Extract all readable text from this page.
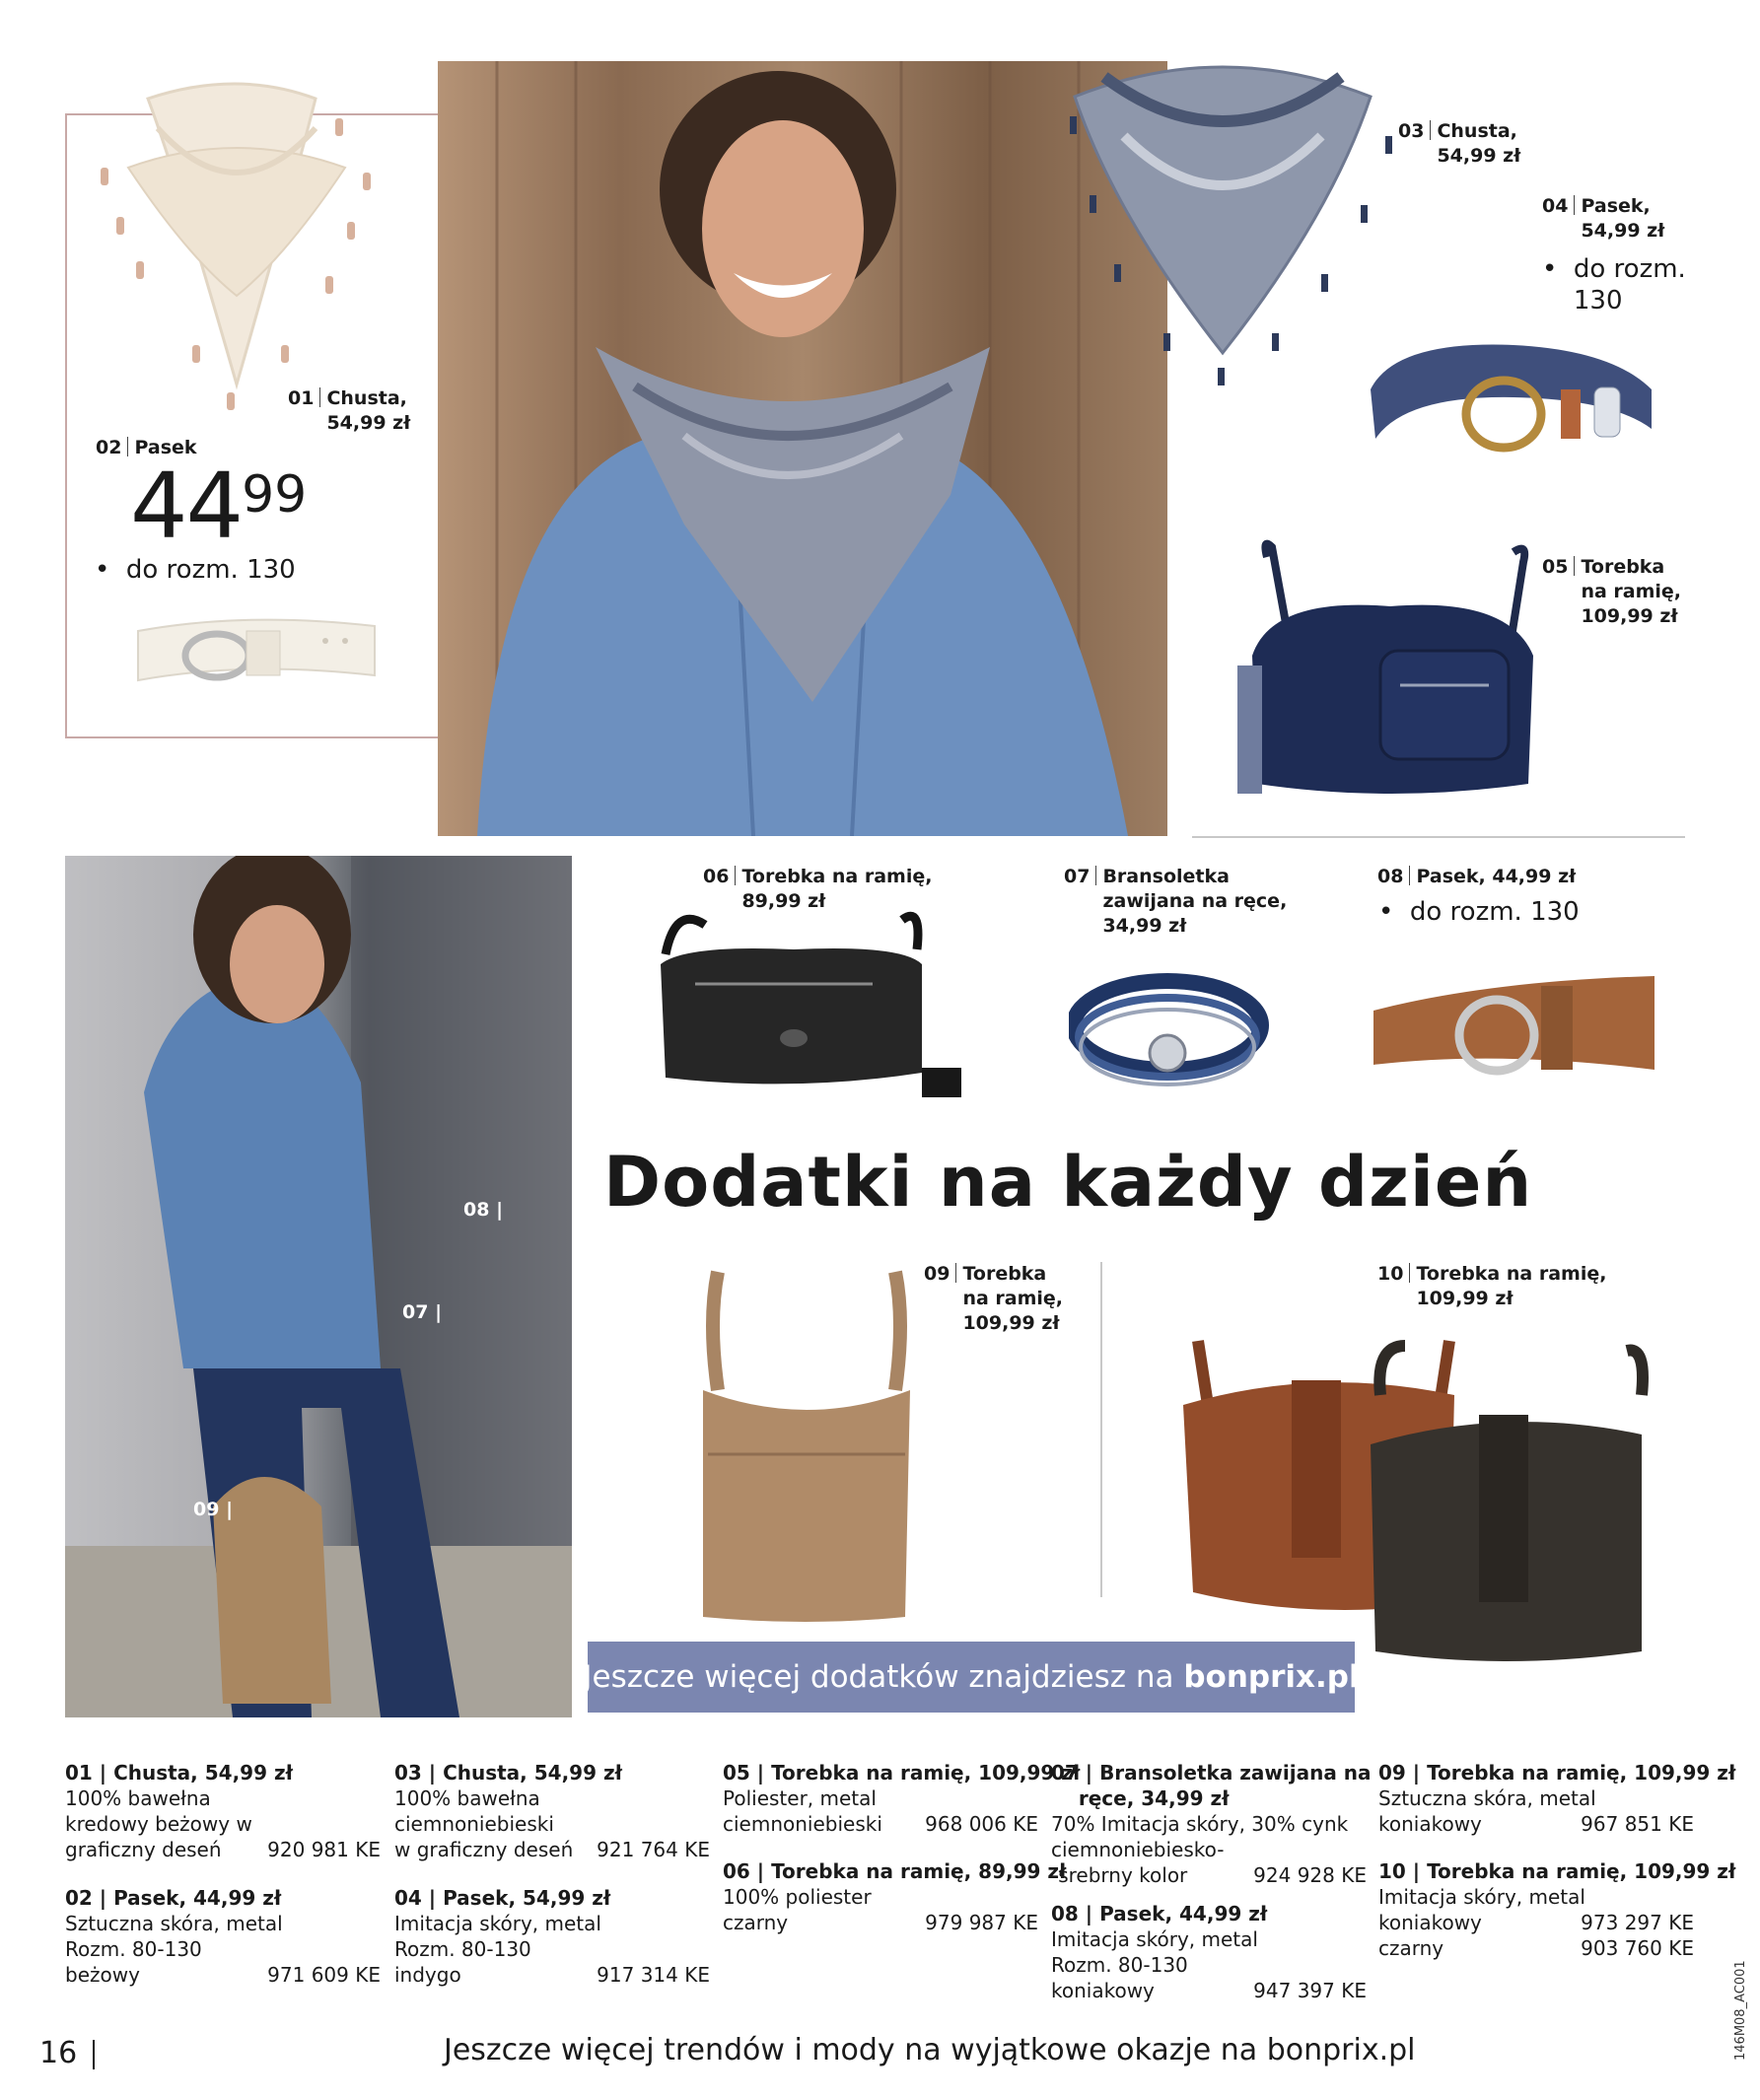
01 Chusta,
54,99 zł
02 Pasek
4499
•  do rozm. 130
03 Chusta,
54,99 zł
04 Pasek,
54,99 zł
• do rozm.
130
05 Torebka
na ramię,
109,99 zł
08 |
07 |
09 |
06 Torebka na ramię,
89,99 zł
07 Bransoletka
zawijana na ręce,
34,99 zł
08 Pasek, 44,99 zł
•  do rozm. 130
Dodatki na każdy dzień
09 Torebka
na ramię,
109,99 zł
10 Torebka na ramię,
109,99 zł
Jeszcze więcej dodatków znajdziesz na bonprix.pl
01 | Chusta, 54,99 zł
100% bawełna
kredowy beżowy w
graficzny deseń 920 981 KE
02 | Pasek, 44,99 zł
Sztuczna skóra, metal
Rozm. 80-130
beżowy	971 609 KE
03 | Chusta, 54,99 zł
100% bawełna
ciemnoniebieski
w graficzny deseń 921 764 KE
04 | Pasek, 54,99 zł
Imitacja skóry, metal
Rozm. 80-130
indygo	917 314 KE
05 | Torebka na ramię, 109,99 zł
Poliester, metal
ciemnoniebieski 968 006 KE
06 | Torebka na ramię, 89,99 zł
100% poliester
czarny	979 987 KE
07 | Bransoletka zawijana na
ręce, 34,99 zł
70% Imitacja skóry, 30% cynk
ciemnoniebiesko-
-srebrny kolor	924 928 KE
08 | Pasek, 44,99 zł
Imitacja skóry, metal
Rozm. 80-130
koniakowy	947 397 KE
09 | Torebka na ramię, 109,99 zł
Sztuczna skóra, metal
koniakowy	967 851 KE
10 | Torebka na ramię, 109,99 zł
Imitacja skóry, metal
koniakowy	973 297 KE
czarny	903 760 KE
16	Jeszcze więcej trendów i mody na wyjątkowe okazje na bonprix.pl	146M08_AC001
